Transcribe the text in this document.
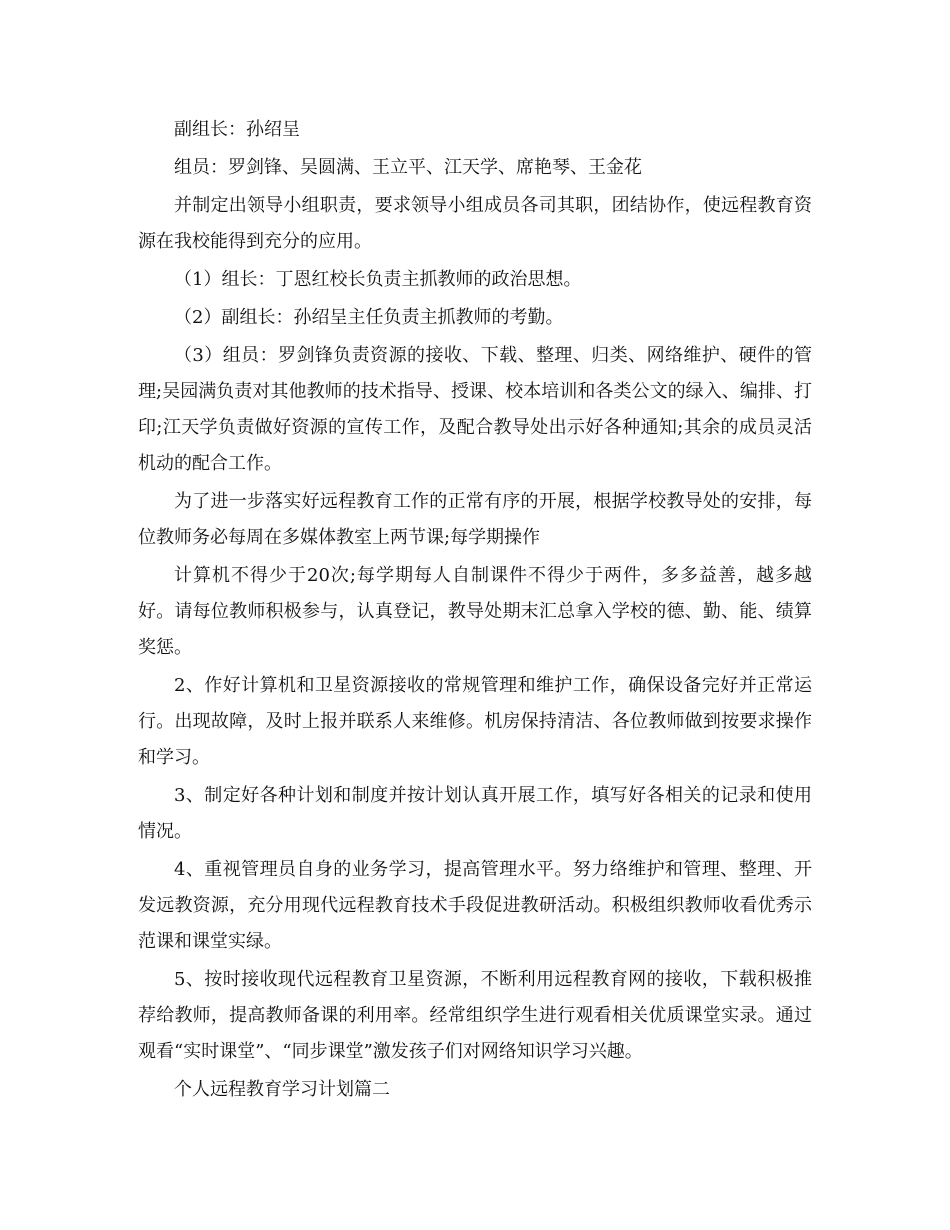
副组长：孙绍呈

组员：罗剑锋、吴圆满、王立平、江天学、席艳琴、王金花

并制定出领导小组职责，要求领导小组成员各司其职，团结协作，使远程教育资源在我校能得到充分的应用。

（1）组长：丁恩红校长负责主抓教师的政治思想。

（2）副组长：孙绍呈主任负责主抓教师的考勤。

（3）组员：罗剑锋负责资源的接收、下载、整理、归类、网络维护、硬件的管理;吴园满负责对其他教师的技术指导、授课、校本培训和各类公文的绿入、编排、打印;江天学负责做好资源的宣传工作，及配合教导处出示好各种通知;其余的成员灵活机动的配合工作。

为了进一步落实好远程教育工作的正常有序的开展，根据学校教导处的安排，每位教师务必每周在多媒体教室上两节课;每学期操作

计算机不得少于20次;每学期每人自制课件不得少于两件，多多益善，越多越好。请每位教师积极参与，认真登记，教导处期末汇总拿入学校的德、勤、能、绩算奖惩。

2、作好计算机和卫星资源接收的常规管理和维护工作，确保设备完好并正常运行。出现故障，及时上报并联系人来维修。机房保持清洁、各位教师做到按要求操作和学习。

3、制定好各种计划和制度并按计划认真开展工作，填写好各相关的记录和使用情况。

4、重视管理员自身的业务学习，提高管理水平。努力络维护和管理、整理、开发远教资源，充分用现代远程教育技术手段促进教研活动。积极组织教师收看优秀示范课和课堂实绿。

5、按时接收现代远程教育卫星资源，不断利用远程教育网的接收，下载积极推荐给教师，提高教师备课的利用率。经常组织学生进行观看相关优质课堂实录。通过观看“实时课堂”、“同步课堂”激发孩子们对网络知识学习兴趣。

个人远程教育学习计划篇二
